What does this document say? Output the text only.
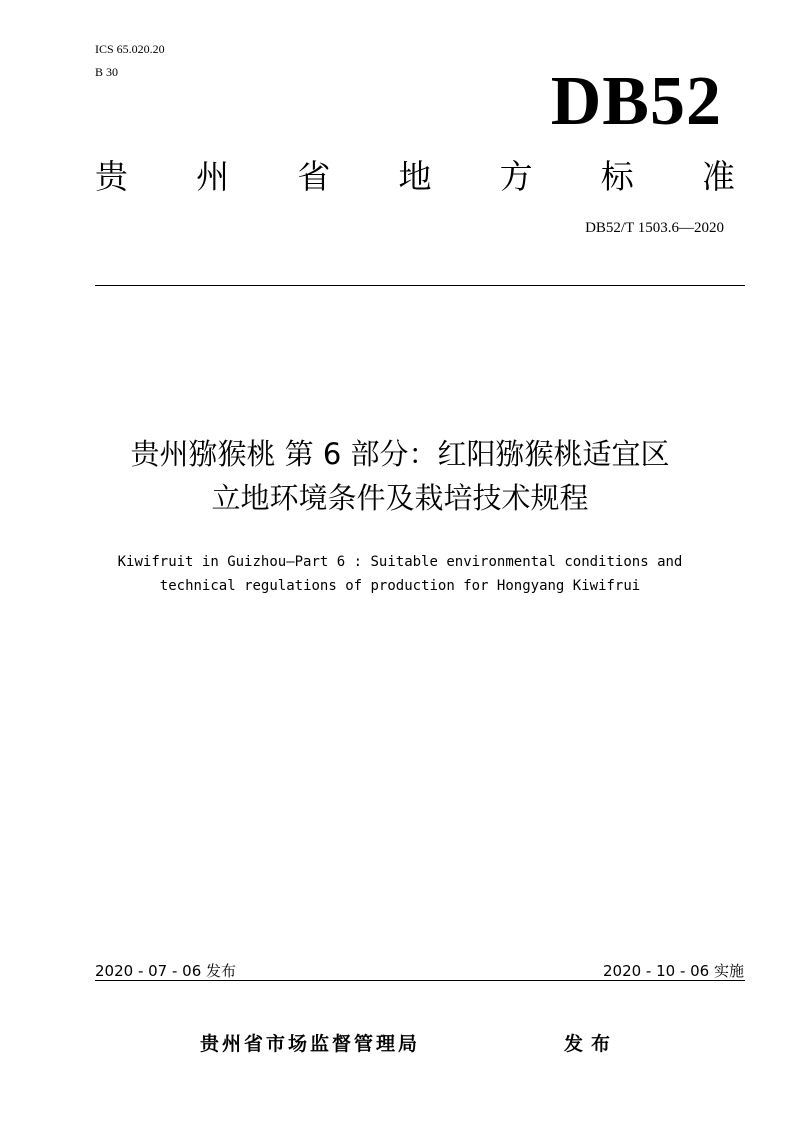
ICS 65.020.20
B 30	DB52
贵 州 省 地 方 标 准
DB52/T 1503.6—2020
贵州猕猴桃 第 6 部分：红阳猕猴桃适宜区
立地环境条件及栽培技术规程
Kiwifruit in Guizhou—Part 6 : Suitable environmental conditions and
technical regulations of production for Hongyang Kiwifrui
2020 - 07 - 06 发布	2020 - 10 - 06 实施
贵州省市场监督管理局	发布
